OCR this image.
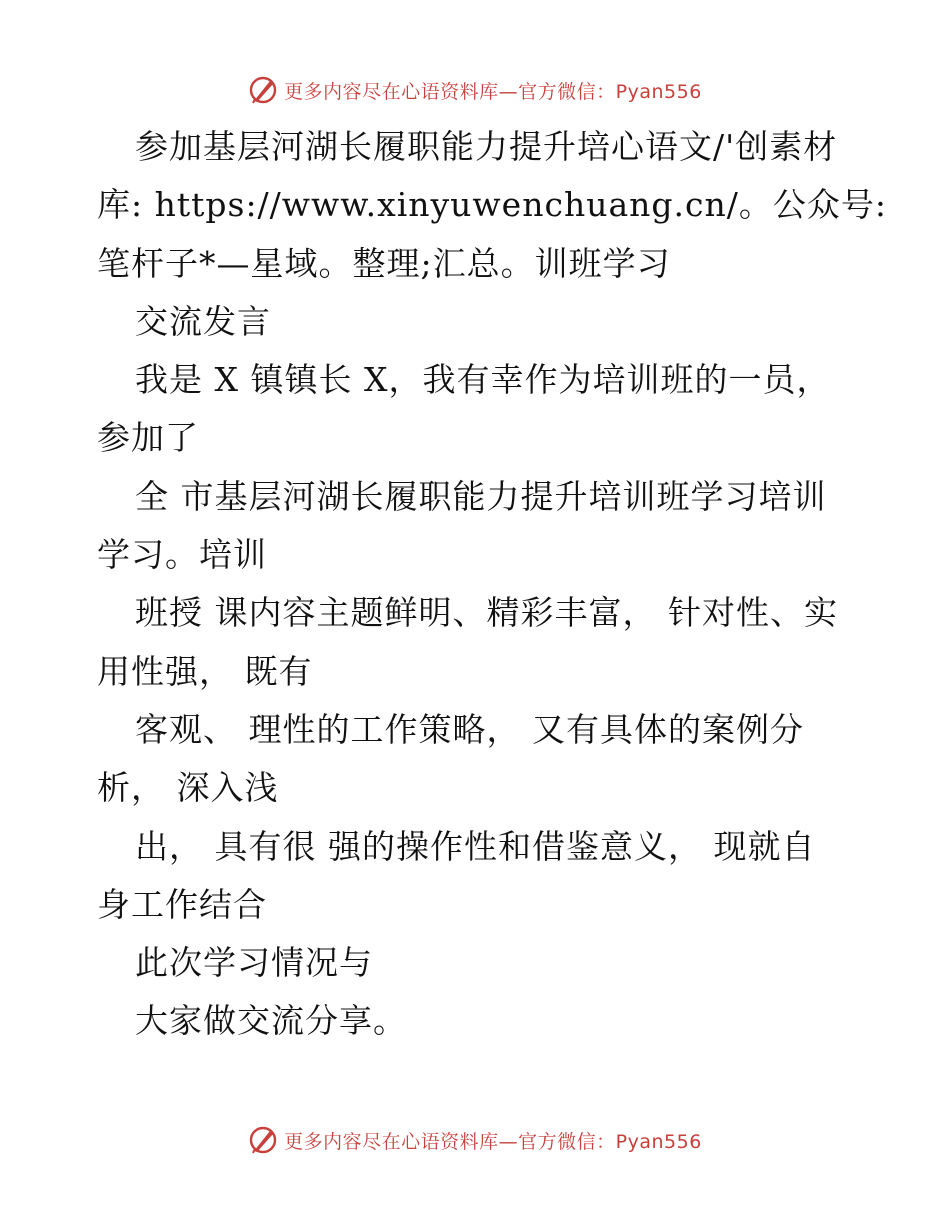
更多内容尽在心语资料库—官方微信：Pyan556
参加基层河湖长履职能力提升培心语文/'创素材
库: https://www.xinyuwenchuang.cn/。公众号:
笔杆子*—星域。整理;汇总。训班学习
交流发言
我是 X 镇镇长 X，我有幸作为培训班的一员，
参加了
全 市基层河湖长履职能力提升培训班学习培训
学习。培训
班授 课内容主题鲜明、精彩丰富， 针对性、实
用性强， 既有
客观、 理性的工作策略， 又有具体的案例分
析， 深入浅
出， 具有很 强的操作性和借鉴意义， 现就自
身工作结合
此次学习情况与
大家做交流分享。
更多内容尽在心语资料库—官方微信：Pyan556
